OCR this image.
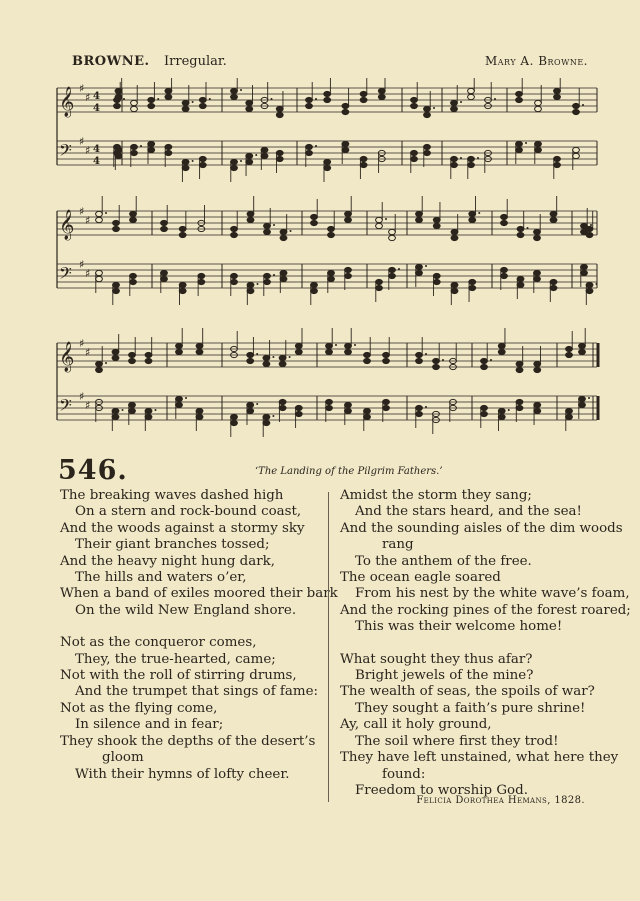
BROWNE. Irregular.	Mary A. Browne.
𝄞 ♯
♯ 4
4
𝄢 ♯
♯ 4
4
𝄞 ♯
♯
𝄢 ♯
♯
𝄞 ♯
♯
𝄢 ♯
♯
546.	‘The Landing of the Pilgrim Fathers.’
The breaking waves dashed high
On a stern and rock-bound coast,
And the woods against a stormy sky
Their giant branches tossed;
And the heavy night hung dark,
The hills and waters o’er,
When a band of exiles moored their bark
On the wild New England shore.
Not as the conqueror comes,
They, the true-hearted, came;
Not with the roll of stirring drums,
And the trumpet that sings of fame:
Not as the flying come,
In silence and in fear;
They shook the depths of the desert’s
gloom
With their hymns of lofty cheer.
Amidst the storm they sang;
And the stars heard, and the sea!
And the sounding aisles of the dim woods
rang
To the anthem of the free.
The ocean eagle soared
From his nest by the white wave’s foam,
And the rocking pines of the forest roared;
This was their welcome home!
What sought they thus afar?
Bright jewels of the mine?
The wealth of seas, the spoils of war?
They sought a faith’s pure shrine!
Ay, call it holy ground,
The soil where first they trod!
They have left unstained, what here they
found:
Freedom to worship God.
Felicia Dorothea Hemans, 1828.
